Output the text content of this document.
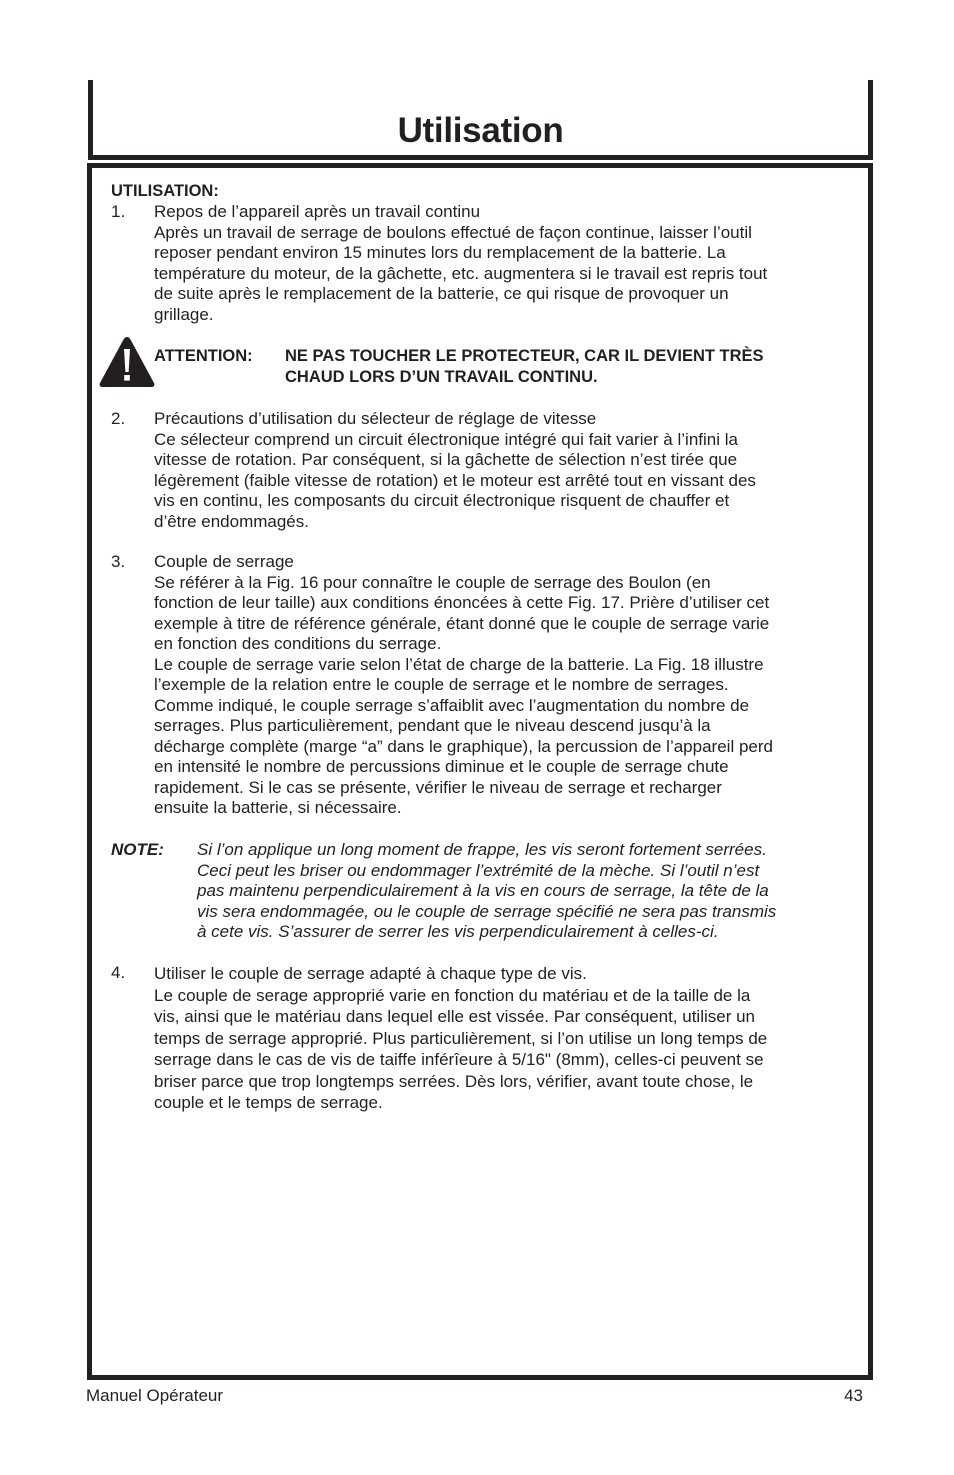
Utilisation

UTILISATION:

1. Repos de l’appareil après un travail continu
Après un travail de serrage de boulons effectué de façon continue, laisser l’outil
reposer pendant environ 15 minutes lors du remplacement de la batterie. La
température du moteur, de la gâchette, etc. augmentera si le travail est repris tout
de suite après le remplacement de la batterie, ce qui risque de provoquer un
grillage.
ATTENTION: NE PAS TOUCHER LE PROTECTEUR, CAR IL DEVIENT TRÈS
CHAUD LORS D’UN TRAVAIL CONTINU.
2. Précautions d’utilisation du sélecteur de réglage de vitesse
Ce sélecteur comprend un circuit électronique intégré qui fait varier à l’infini la
vitesse de rotation. Par conséquent, si la gâchette de sélection n’est tirée que
légèrement (faible vitesse de rotation) et le moteur est arrêté tout en vissant des
vis en continu, les composants du circuit électronique risquent de chauffer et
d’être endommagés.
3. Couple de serrage
Se référer à la Fig. 16 pour connaître le couple de serrage des Boulon (en
fonction de leur taille) aux conditions énoncées à cette Fig. 17. Prière d’utiliser cet
exemple à titre de référence générale, étant donné que le couple de serrage varie
en fonction des conditions du serrage.
Le couple de serrage varie selon l’état de charge de la batterie. La Fig. 18 illustre
l’exemple de la relation entre le couple de serrage et le nombre de serrages.
Comme indiqué, le couple serrage s’affaiblit avec l’augmentation du nombre de
serrages. Plus particulièrement, pendant que le niveau descend jusqu’à la
décharge complète (marge “a” dans le graphique), la percussion de l’appareil perd
en intensité le nombre de percussions diminue et le couple de serrage chute
rapidement. Si le cas se présente, vérifier le niveau de serrage et recharger
ensuite la batterie, si nécessaire.
NOTE: Si l’on applique un long moment de frappe, les vis seront fortement serrées.
Ceci peut les briser ou endommager l’extrémité de la mèche. Si l’outil n’est
pas maintenu perpendiculairement à la vis en cours de serrage, la tête de la
vis sera endommagée, ou le couple de serrage spécifié ne sera pas transmis
à cete vis. S’assurer de serrer les vis perpendiculairement à celles-ci.
4. Utiliser le couple de serrage adapté à chaque type de vis.
Le couple de serage approprié varie en fonction du matériau et de la taille de la
vis, ainsi que le matériau dans lequel elle est vissée. Par conséquent, utiliser un
temps de serrage approprié. Plus particulièrement, si l’on utilise un long temps de
serrage dans le cas de vis de taiffe inférîeure à 5/16" (8mm), celles-ci peuvent se
briser parce que trop longtemps serrées. Dès lors, vérifier, avant toute chose, le
couple et le temps de serrage.
Manuel Opérateur	43
